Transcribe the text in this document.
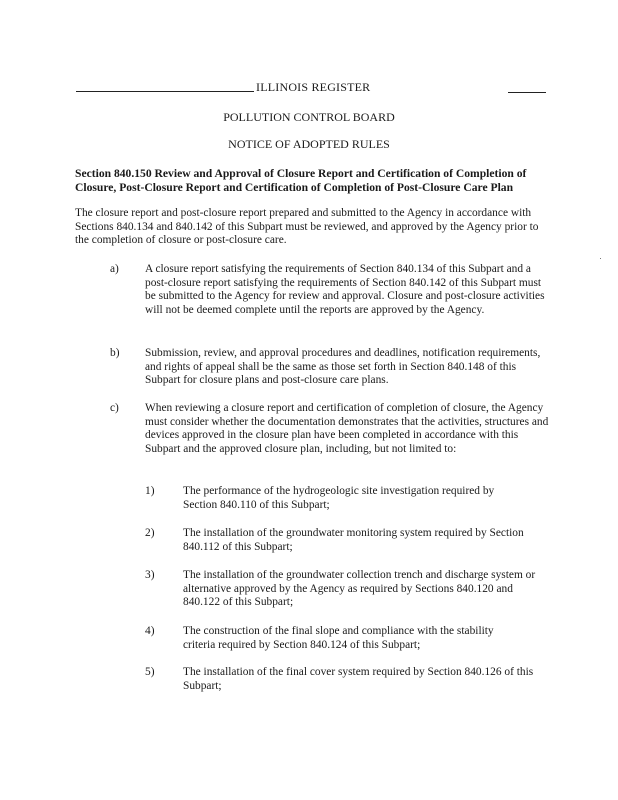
ILLINOIS REGISTER
POLLUTION CONTROL BOARD
NOTICE OF ADOPTED RULES
Section 840.150 Review and Approval of Closure Report and Certification of Completion of Closure, Post-Closure Report and Certification of Completion of Post-Closure Care Plan
The closure report and post-closure report prepared and submitted to the Agency in accordance with Sections 840.134 and 840.142 of this Subpart must be reviewed, and approved by the Agency prior to the completion of closure or post-closure care.
a) A closure report satisfying the requirements of Section 840.134 of this Subpart and a post-closure report satisfying the requirements of Section 840.142 of this Subpart must be submitted to the Agency for review and approval. Closure and post-closure activities will not be deemed complete until the reports are approved by the Agency.
b) Submission, review, and approval procedures and deadlines, notification requirements, and rights of appeal shall be the same as those set forth in Section 840.148 of this Subpart for closure plans and post-closure care plans.
c) When reviewing a closure report and certification of completion of closure, the Agency must consider whether the documentation demonstrates that the activities, structures and devices approved in the closure plan have been completed in accordance with this Subpart and the approved closure plan, including, but not limited to:
1)	The performance of the hydrogeologic site investigation required by Section 840.110 of this Subpart;
2)	The installation of the groundwater monitoring system required by Section 840.112 of this Subpart;
3)	The installation of the groundwater collection trench and discharge system or alternative approved by the Agency as required by Sections 840.120 and 840.122 of this Subpart;
4)	The construction of the final slope and compliance with the stability criteria required by Section 840.124 of this Subpart;
5)	The installation of the final cover system required by Section 840.126 of this Subpart;
